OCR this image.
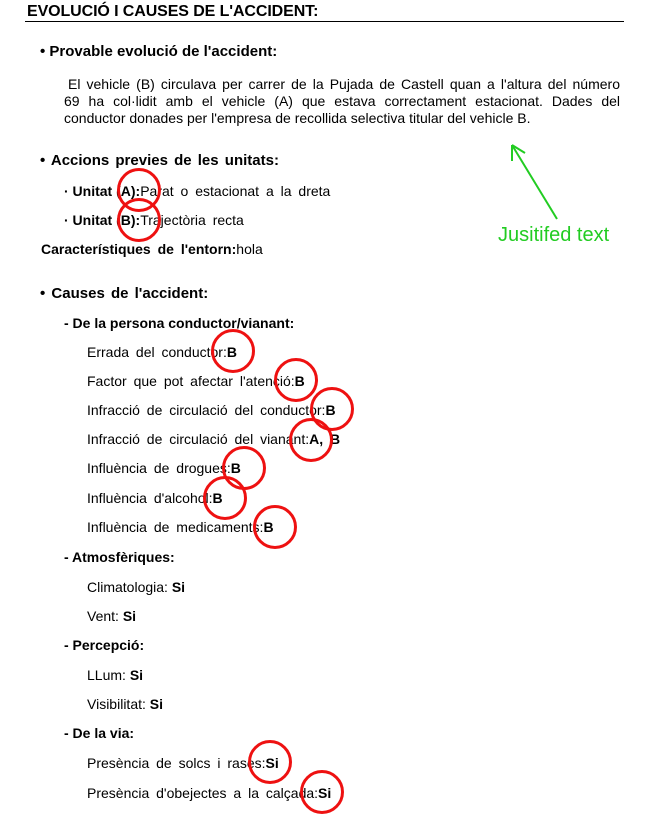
EVOLUCIÓ I CAUSES DE L'ACCIDENT:
• Provable evolució de l'accident:
El vehicle (B) circulava per carrer de la Pujada de Castell quan a l'altura del número
69 ha col·lidit amb el vehicle (A) que estava correctament estacionat. Dades del
conductor donades per l'empresa de recollida selectiva titular del vehicle B.
• Accions previes de les unitats:
· Unitat (A):Parat o estacionat a la dreta
· Unitat (B):Trajectòria recta
Característiques de l'entorn:hola
• Causes de l'accident:
- De la persona conductor/vianant:
Errada del conductor:B
Factor que pot afectar l'atenció:B
Infracció de circulació del conductor:B
Infracció de circulació del vianant:A, B
Influència de drogues:B
Influència d'alcohol:B
Influència de medicaments:B
- Atmosfèriques:
Climatologia: Si
Vent: Si
- Percepció:
LLum: Si
Visibilitat: Si
- De la via:
Presència de solcs i rases:Si
Presència d'obejectes a la calçada:Si
Jusitifed text
